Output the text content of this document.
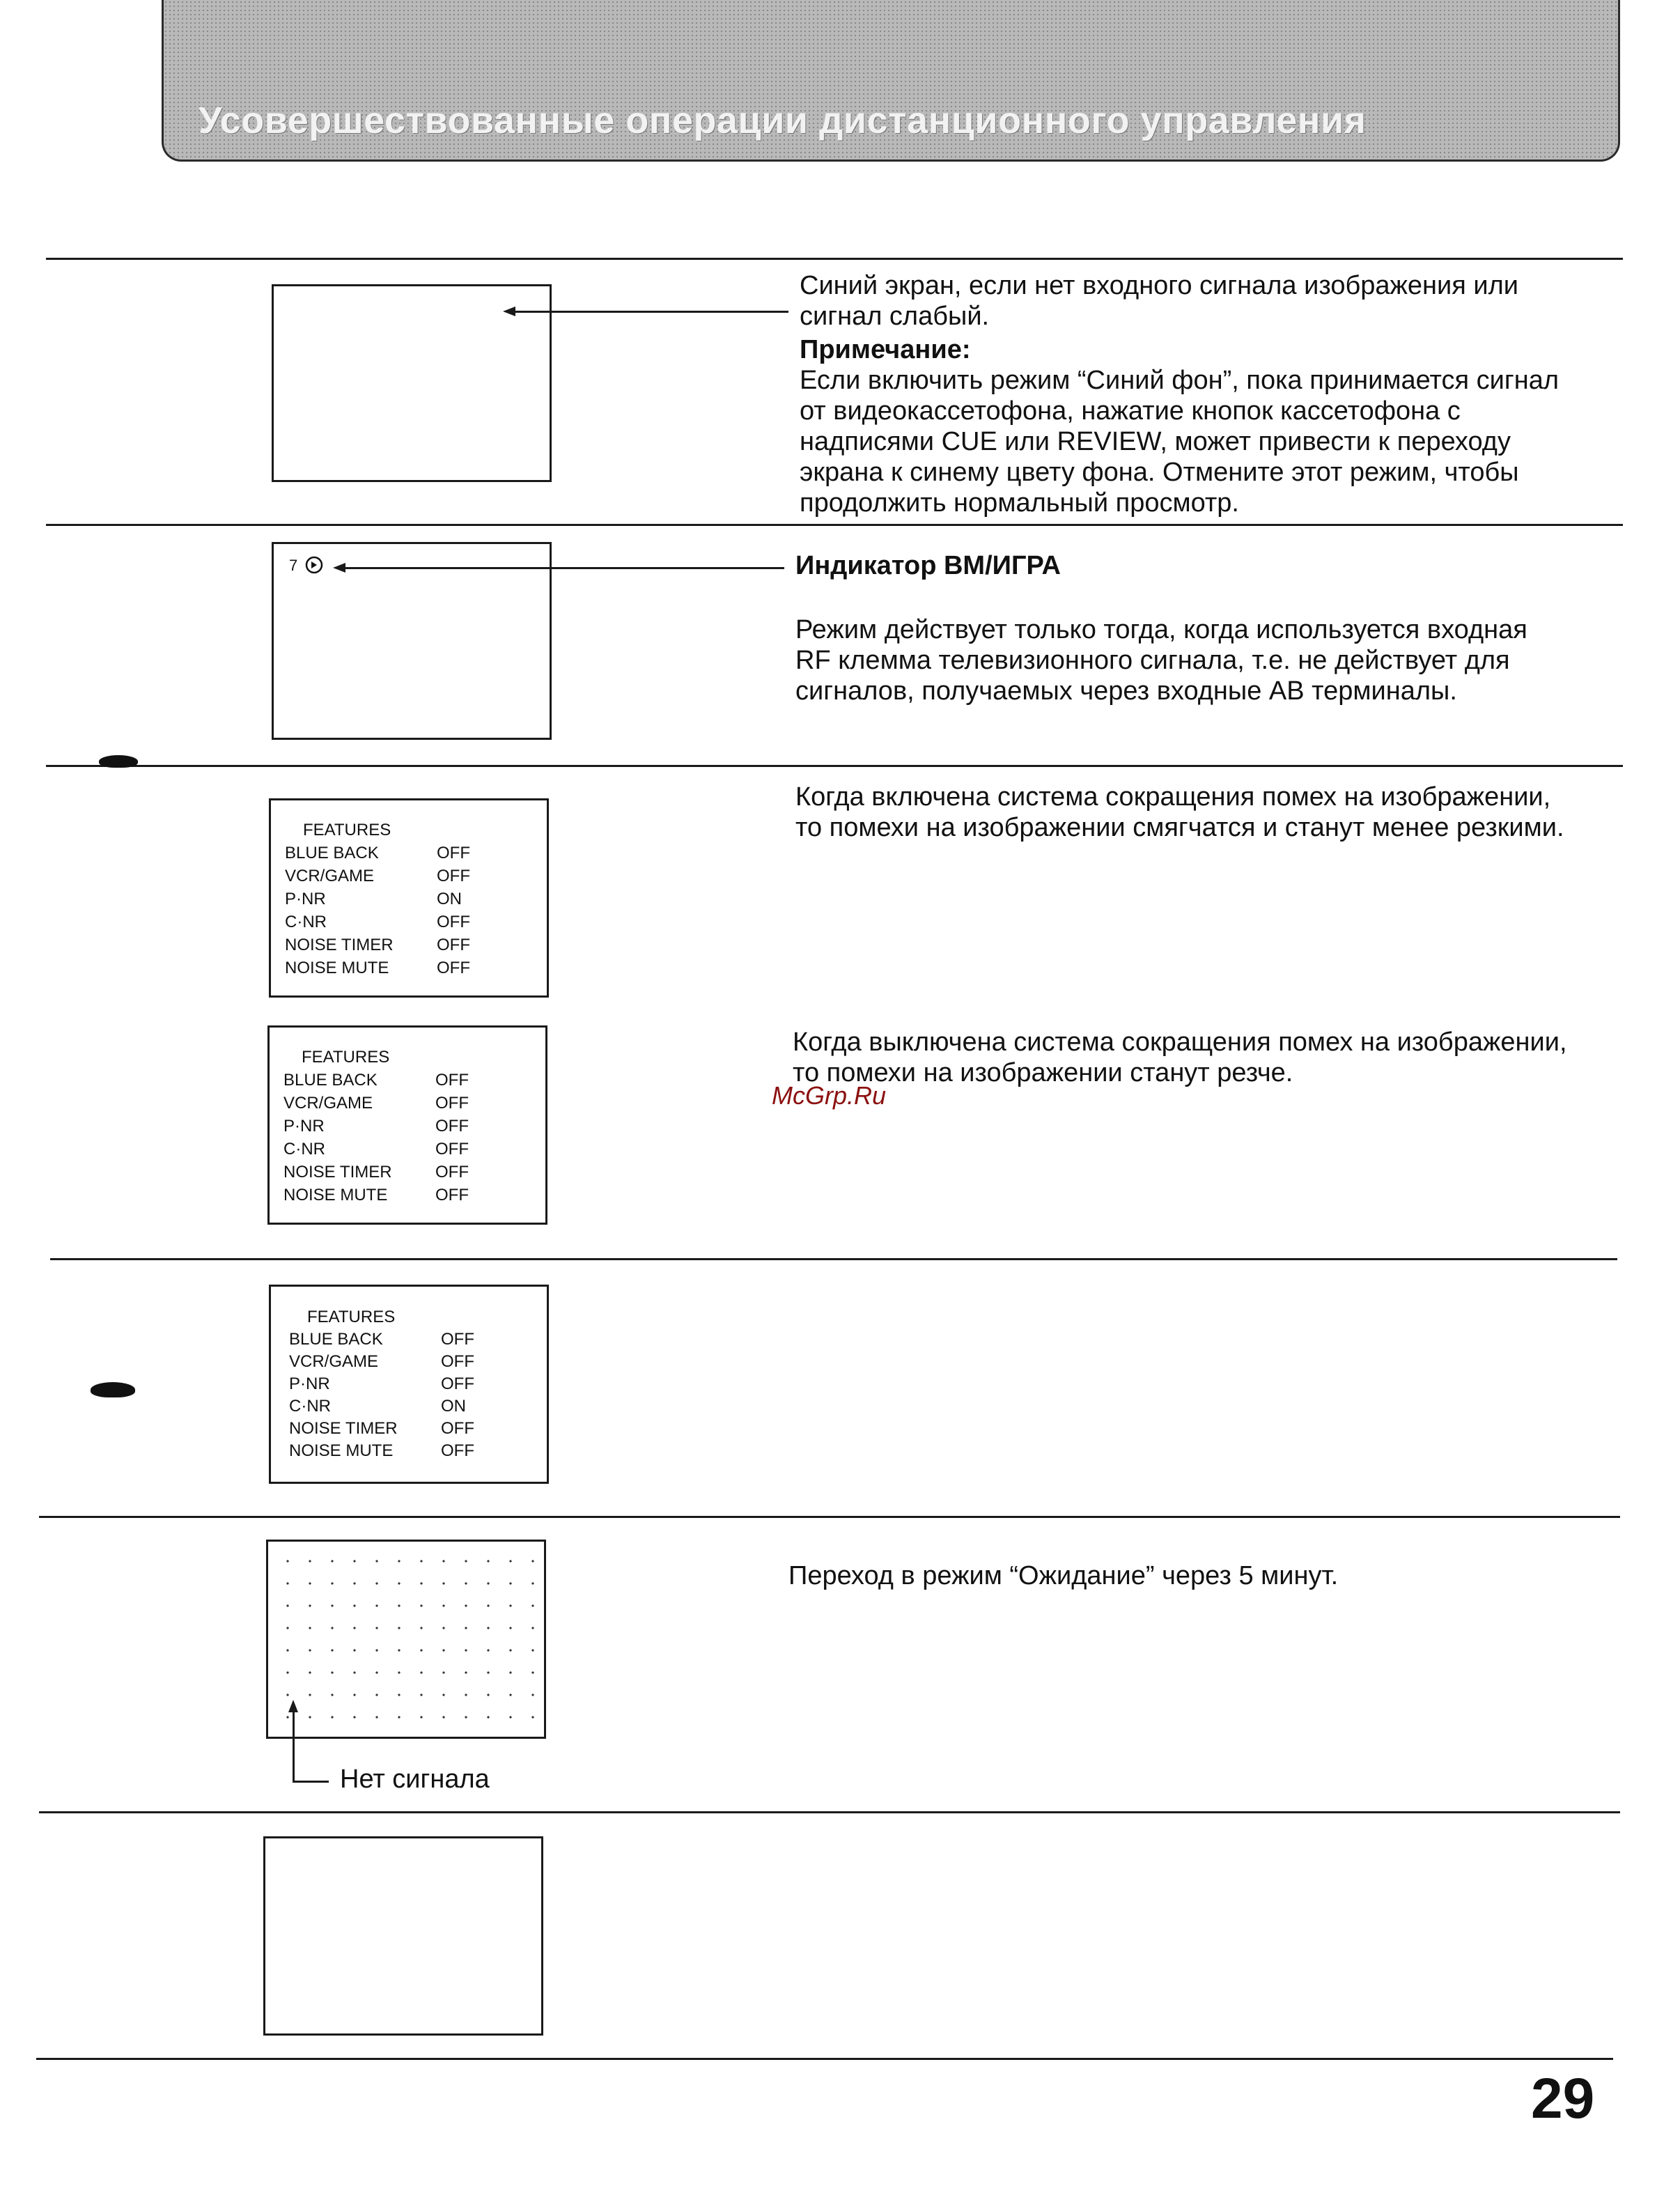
Усовершествованные операции дистанционного управления

Синий экран, если нет входного сигнала изображения или

сигнал слабый.

Примечание:

Если включить режим “Синий фон”, пока принимается сигнал

от видеокассетофона, нажатие кнопок кассетофона с

надписями CUE или REVIEW, может привести к переходу

экрана к синему цвету фона. Отмените этот режим, чтобы

продолжить нормальный просмотр.

7	Индикатор ВМ/ИГРА

Режим действует только тогда, когда используется входная

RF клемма телевизионного сигнала, т.е. не действует для

сигналов, получаемых через входные АВ терминалы.

FEATURES
BLUE BACK	OFF
VCR/GAME	OFF
P·NR	ON
C·NR	OFF
NOISE TIMER	OFF
NOISE MUTE	OFF

Когда включена система сокращения помех на изображении,

то помехи на изображении смягчатся и станут менее резкими.

FEATURES
BLUE BACK	OFF
VCR/GAME	OFF
P·NR	OFF
C·NR	OFF
NOISE TIMER	OFF
NOISE MUTE	OFF

Когда выключена система сокращения помех на изображении,

то помехи на изображении станут резче.

McGrp.Ru
FEATURES
BLUE BACK	OFF
VCR/GAME	OFF
P·NR	OFF
C·NR	ON
NOISE TIMER	OFF
NOISE MUTE	OFF
Нет сигнала

Переход в режим “Ожидание” через 5 минут.

29
